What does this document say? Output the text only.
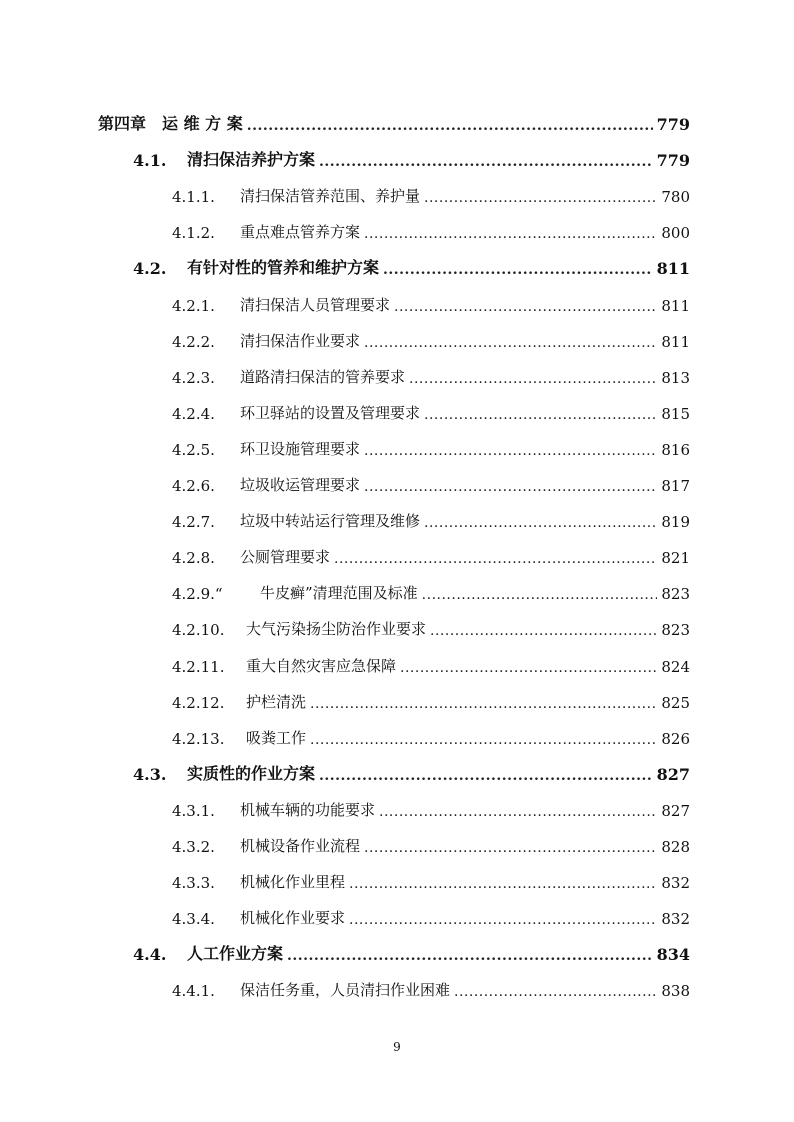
第四章 运 维 方 案 .....	779
4.1.	清扫保洁养护方案 .....	779
4.1.1.	清扫保洁管养范围、养护量 .....	780
4.1.2.	重点难点管养方案 .....	800
4.2.	有针对性的管养和维护方案 .....	811
4.2.1.	清扫保洁人员管理要求 .....	811
4.2.2.	清扫保洁作业要求 .....	811
4.2.3.	道路清扫保洁的管养要求 .....	813
4.2.4.	环卫驿站的设置及管理要求 .....	815
4.2.5.	环卫设施管理要求 .....	816
4.2.6.	垃圾收运管理要求 .....	817
4.2.7.	垃圾中转站运行管理及维修 .....	819
4.2.8.	公厕管理要求 .....	821
4.2.9.“	牛皮癣”清理范围及标准 .....	823
4.2.10.	大气污染扬尘防治作业要求 .....	823
4.2.11.	重大自然灾害应急保障 .....	824
4.2.12.	护栏清洗 .....	825
4.2.13.	吸粪工作 .....	826
4.3.	实质性的作业方案 .....	827
4.3.1.	机械车辆的功能要求 .....	827
4.3.2.	机械设备作业流程 .....	828
4.3.3.	机械化作业里程 .....	832
4.3.4.	机械化作业要求 .....	832
4.4.	人工作业方案 .....	834
4.4.1.	保洁任务重，人员清扫作业困难 .....	838
9
